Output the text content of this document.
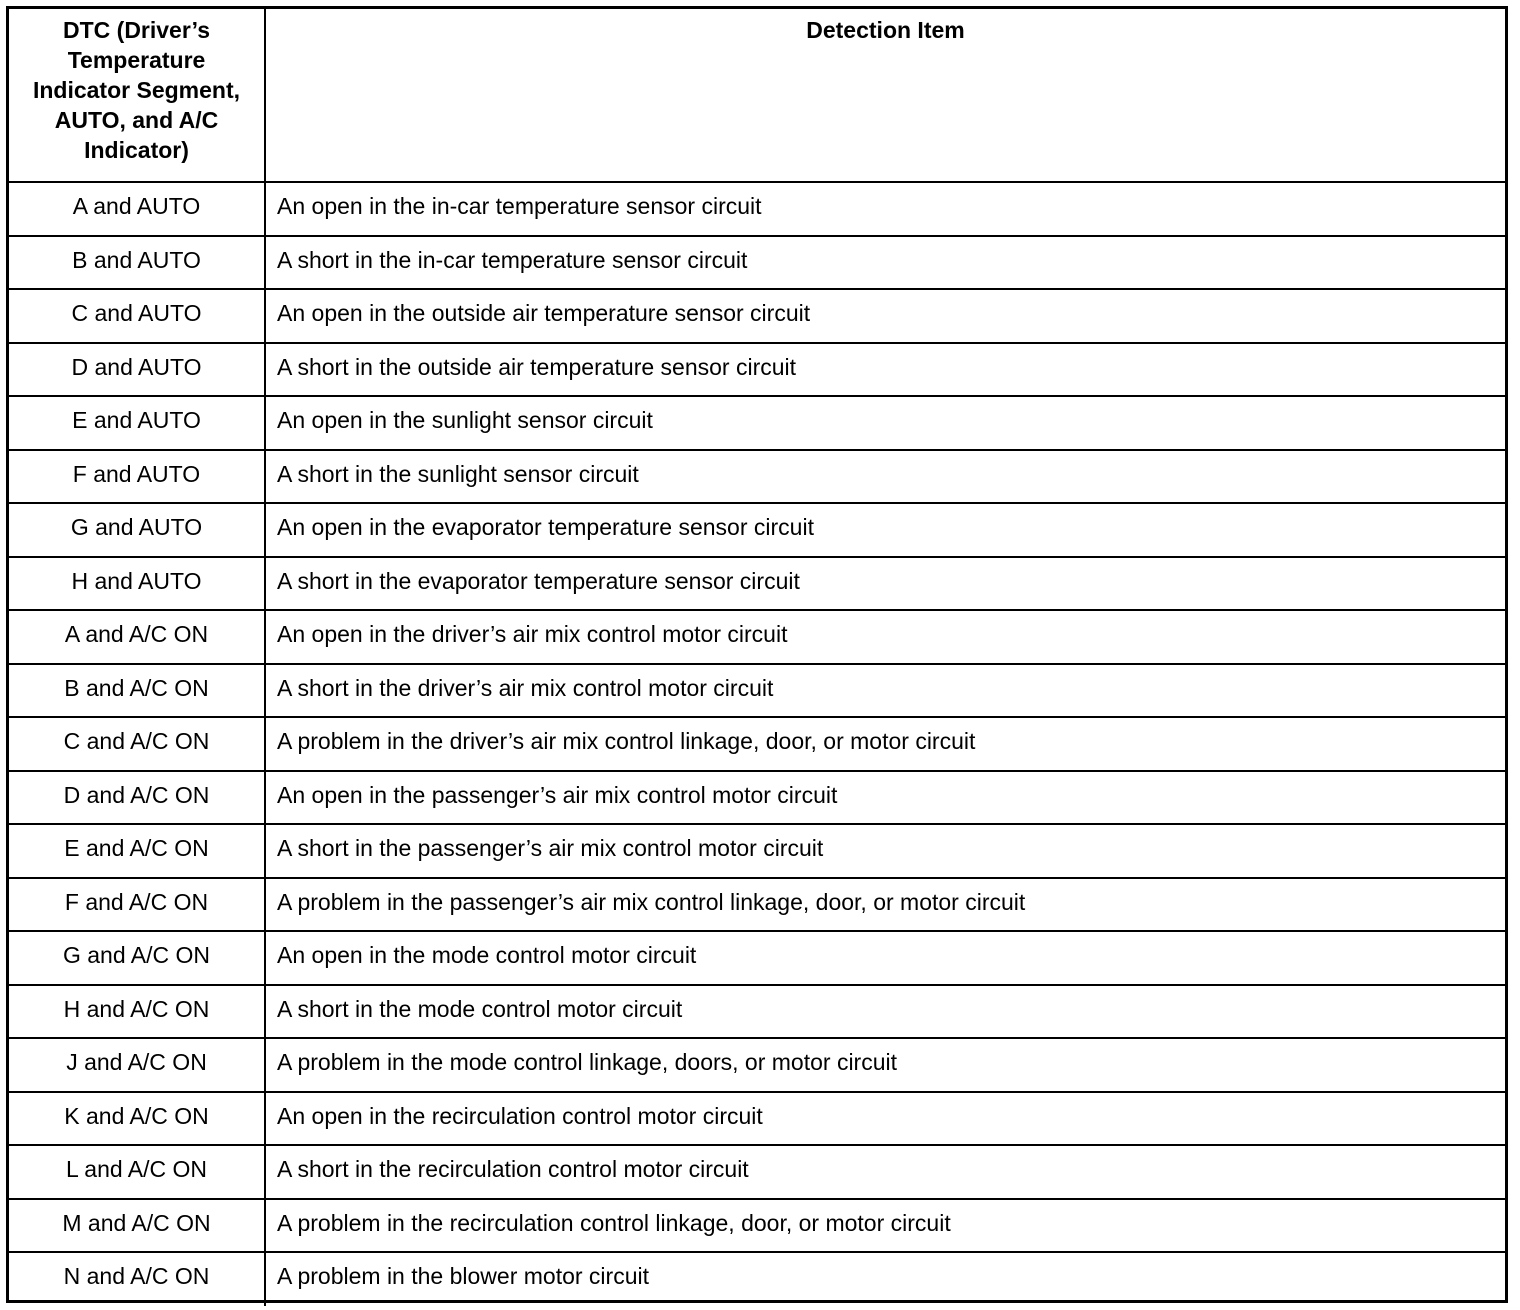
DTC (Driver’s Temperature Indicator Segment, AUTO, and A/C Indicator)	Detection Item
A and AUTO	An open in the in-car temperature sensor circuit
B and AUTO	A short in the in-car temperature sensor circuit
C and AUTO	An open in the outside air temperature sensor circuit
D and AUTO	A short in the outside air temperature sensor circuit
E and AUTO	An open in the sunlight sensor circuit
F and AUTO	A short in the sunlight sensor circuit
G and AUTO	An open in the evaporator temperature sensor circuit
H and AUTO	A short in the evaporator temperature sensor circuit
A and A/C ON	An open in the driver’s air mix control motor circuit
B and A/C ON	A short in the driver’s air mix control motor circuit
C and A/C ON	A problem in the driver’s air mix control linkage, door, or motor circuit
D and A/C ON	An open in the passenger’s air mix control motor circuit
E and A/C ON	A short in the passenger’s air mix control motor circuit
F and A/C ON	A problem in the passenger’s air mix control linkage, door, or motor circuit
G and A/C ON	An open in the mode control motor circuit
H and A/C ON	A short in the mode control motor circuit
J and A/C ON	A problem in the mode control linkage, doors, or motor circuit
K and A/C ON	An open in the recirculation control motor circuit
L and A/C ON	A short in the recirculation control motor circuit
M and A/C ON	A problem in the recirculation control linkage, door, or motor circuit
N and A/C ON	A problem in the blower motor circuit
